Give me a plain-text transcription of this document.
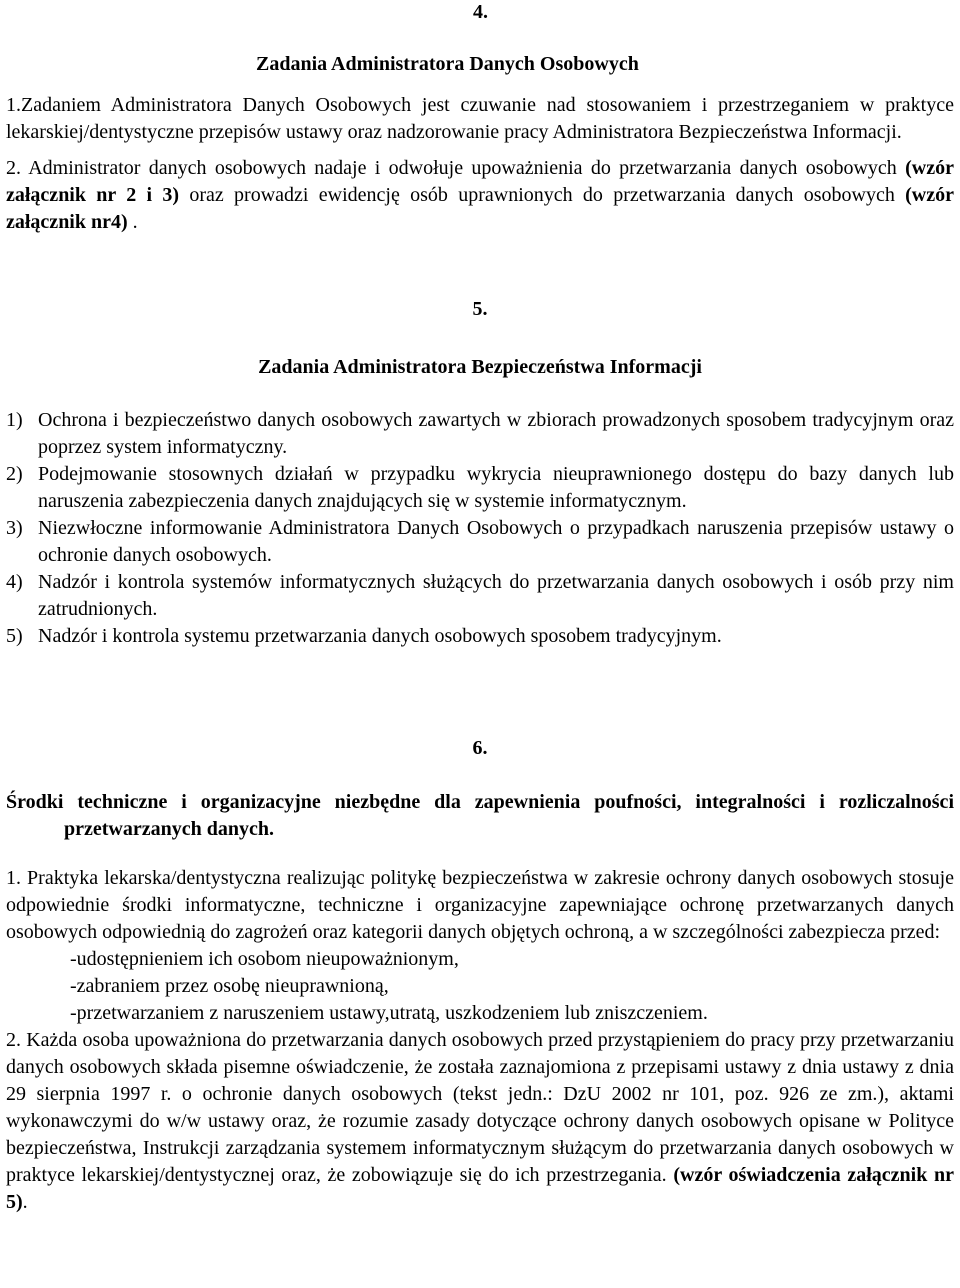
4.
Zadania Administratora Danych Osobowych

1.Zadaniem Administratora Danych Osobowych jest czuwanie nad stosowaniem i przestrzeganiem w praktyce lekarskiej/dentystyczne przepisów ustawy oraz nadzorowanie pracy Administratora Bezpieczeństwa Informacji.

2. Administrator danych osobowych nadaje i odwołuje upoważnienia do przetwarzania danych osobowych (wzór załącznik nr 2 i 3) oraz prowadzi ewidencję osób uprawnionych do przetwarzania danych osobowych (wzór załącznik nr4) .

5.
Zadania Administratora Bezpieczeństwa Informacji
1) Ochrona i bezpieczeństwo danych osobowych zawartych w zbiorach prowadzonych sposobem tradycyjnym oraz poprzez system informatyczny.
2) Podejmowanie stosownych działań w przypadku wykrycia nieuprawnionego dostępu do bazy danych lub naruszenia zabezpieczenia danych znajdujących się w systemie informatycznym.
3) Niezwłoczne informowanie Administratora Danych Osobowych o przypadkach naruszenia przepisów ustawy o ochronie danych osobowych.
4) Nadzór i kontrola systemów informatycznych służących do przetwarzania danych osobowych i osób przy nim zatrudnionych.
5) Nadzór i kontrola systemu przetwarzania danych osobowych sposobem tradycyjnym.
6.

Środki techniczne i organizacyjne niezbędne dla zapewnienia poufności, integralności i rozliczalności przetwarzanych danych.

1. Praktyka lekarska/dentystyczna realizując politykę bezpieczeństwa w zakresie ochrony danych osobowych stosuje odpowiednie środki informatyczne, techniczne i organizacyjne zapewniające ochronę przetwarzanych danych osobowych odpowiednią do zagrożeń oraz kategorii danych objętych ochroną, a w szczególności zabezpiecza przed:

-udostępnieniem ich osobom nieupoważnionym,
-zabraniem przez osobę nieuprawnioną,
-przetwarzaniem z naruszeniem ustawy,utratą, uszkodzeniem lub zniszczeniem.

2. Każda osoba upoważniona do przetwarzania danych osobowych przed przystąpieniem do pracy przy przetwarzaniu danych osobowych składa pisemne oświadczenie, że została zaznajomiona z przepisami ustawy z dnia ustawy z dnia 29 sierpnia 1997 r. o ochronie danych osobowych (tekst jedn.: DzU 2002 nr 101, poz. 926 ze zm.), aktami wykonawczymi do w/w ustawy oraz, że rozumie zasady dotyczące ochrony danych osobowych opisane w Polityce bezpieczeństwa, Instrukcji zarządzania systemem informatycznym służącym do przetwarzania danych osobowych w praktyce lekarskiej/dentystycznej oraz, że zobowiązuje się do ich przestrzegania. (wzór oświadczenia załącznik nr 5).
